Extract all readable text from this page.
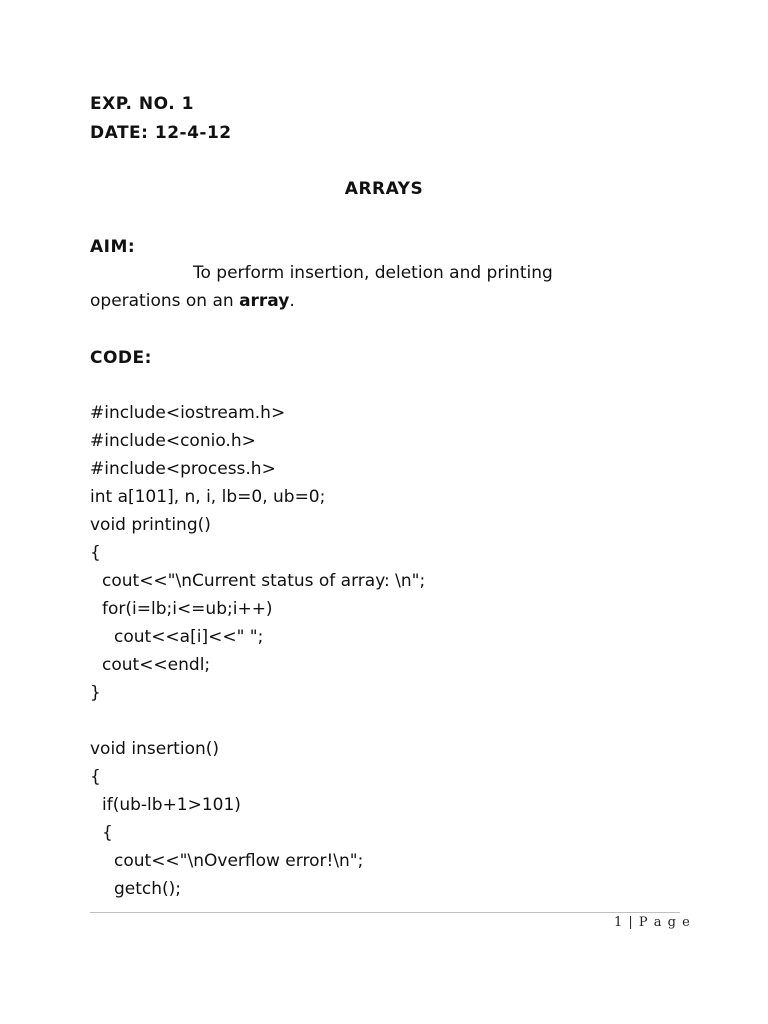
EXP. NO. 1
DATE: 12-4-12
ARRAYS
AIM:
To perform insertion, deletion and printing
operations on an array.
CODE:
#include<iostream.h>
#include<conio.h>
#include<process.h>
int a[101], n, i, lb=0, ub=0;
void printing()
{
cout<<"\nCurrent status of array: \n";
for(i=lb;i<=ub;i++)
cout<<a[i]<<" ";
cout<<endl;
}
void insertion()
{
if(ub-lb+1>101)
{
cout<<"\nOverflow error!\n";
getch();
1 | P a g e
